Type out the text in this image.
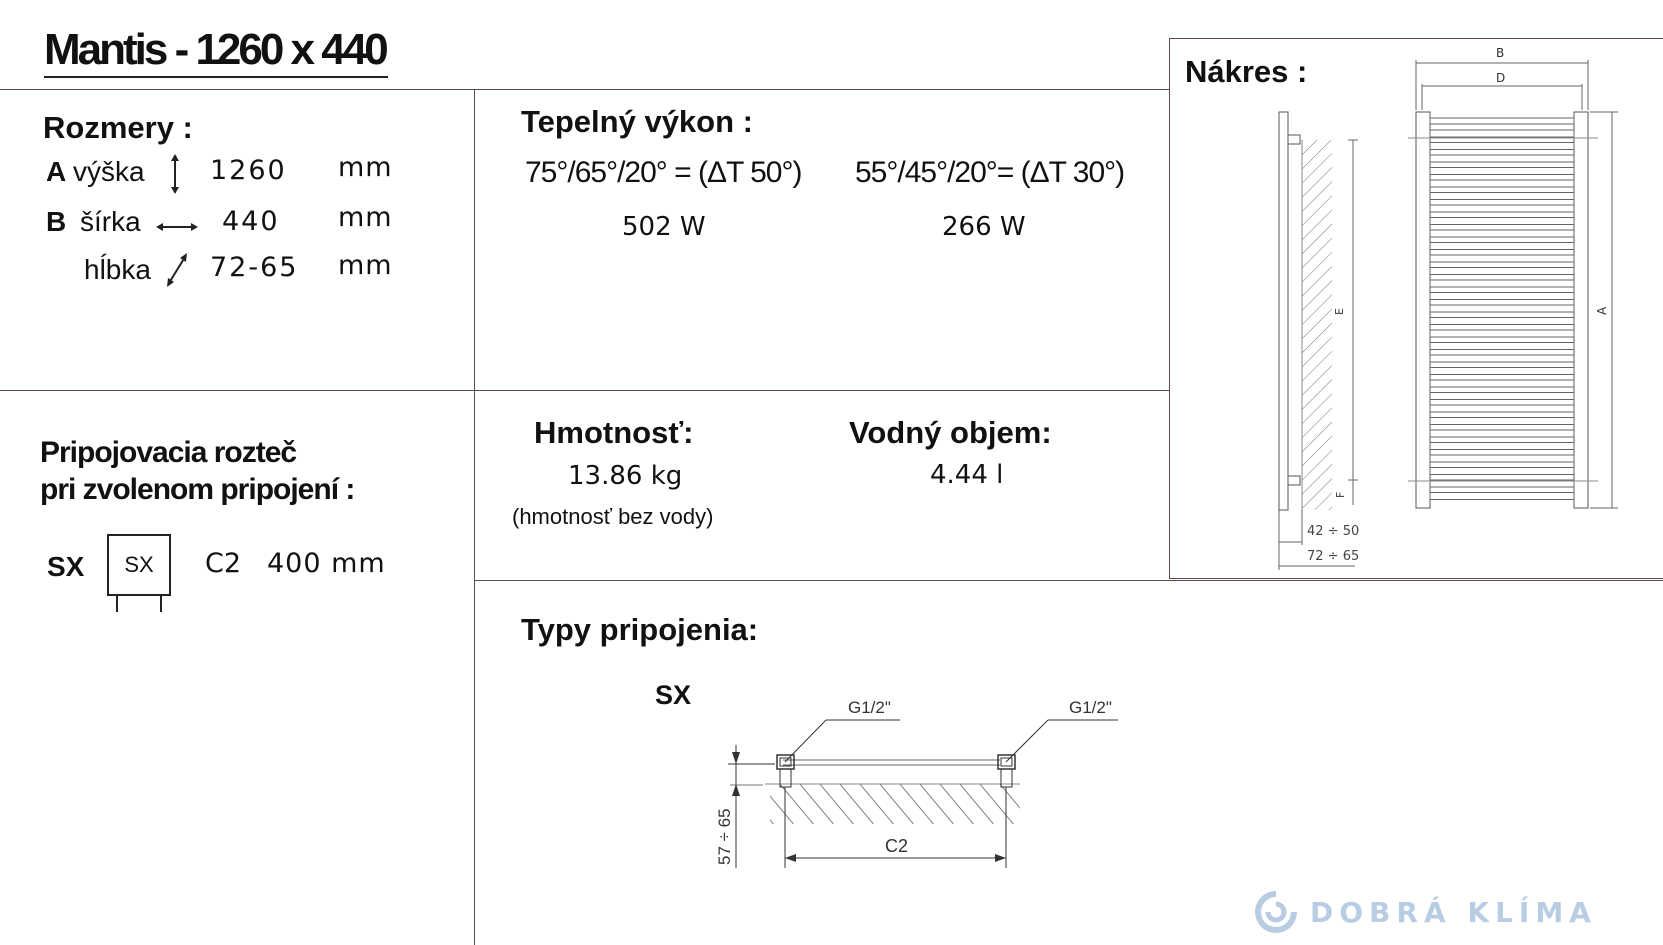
Mantis - 1260 x 440
Rozmery :
A výška 1260 mm
B šírka	440 mm
hĺbka 72-65 mm
Tepelný výkon :
75°/65°/20° = (ΔT 50°) 55°/45°/20°= (ΔT 30°)
502 W	266 W
Nákres :
E
F
42 ÷ 50
72 ÷ 65
B
D
A
Pripojovacia rozteč
pri zvolenom pripojení :
SX	SX	C2 400 mm
Hmotnosť:
13.86 kg
(hmotnosť bez vody)
Vodný objem:
4.44 l
Typy pripojenia:
SX	G1/2"	G1/2"
57 ÷ 65	C2
DOBRÁ KLÍMA
